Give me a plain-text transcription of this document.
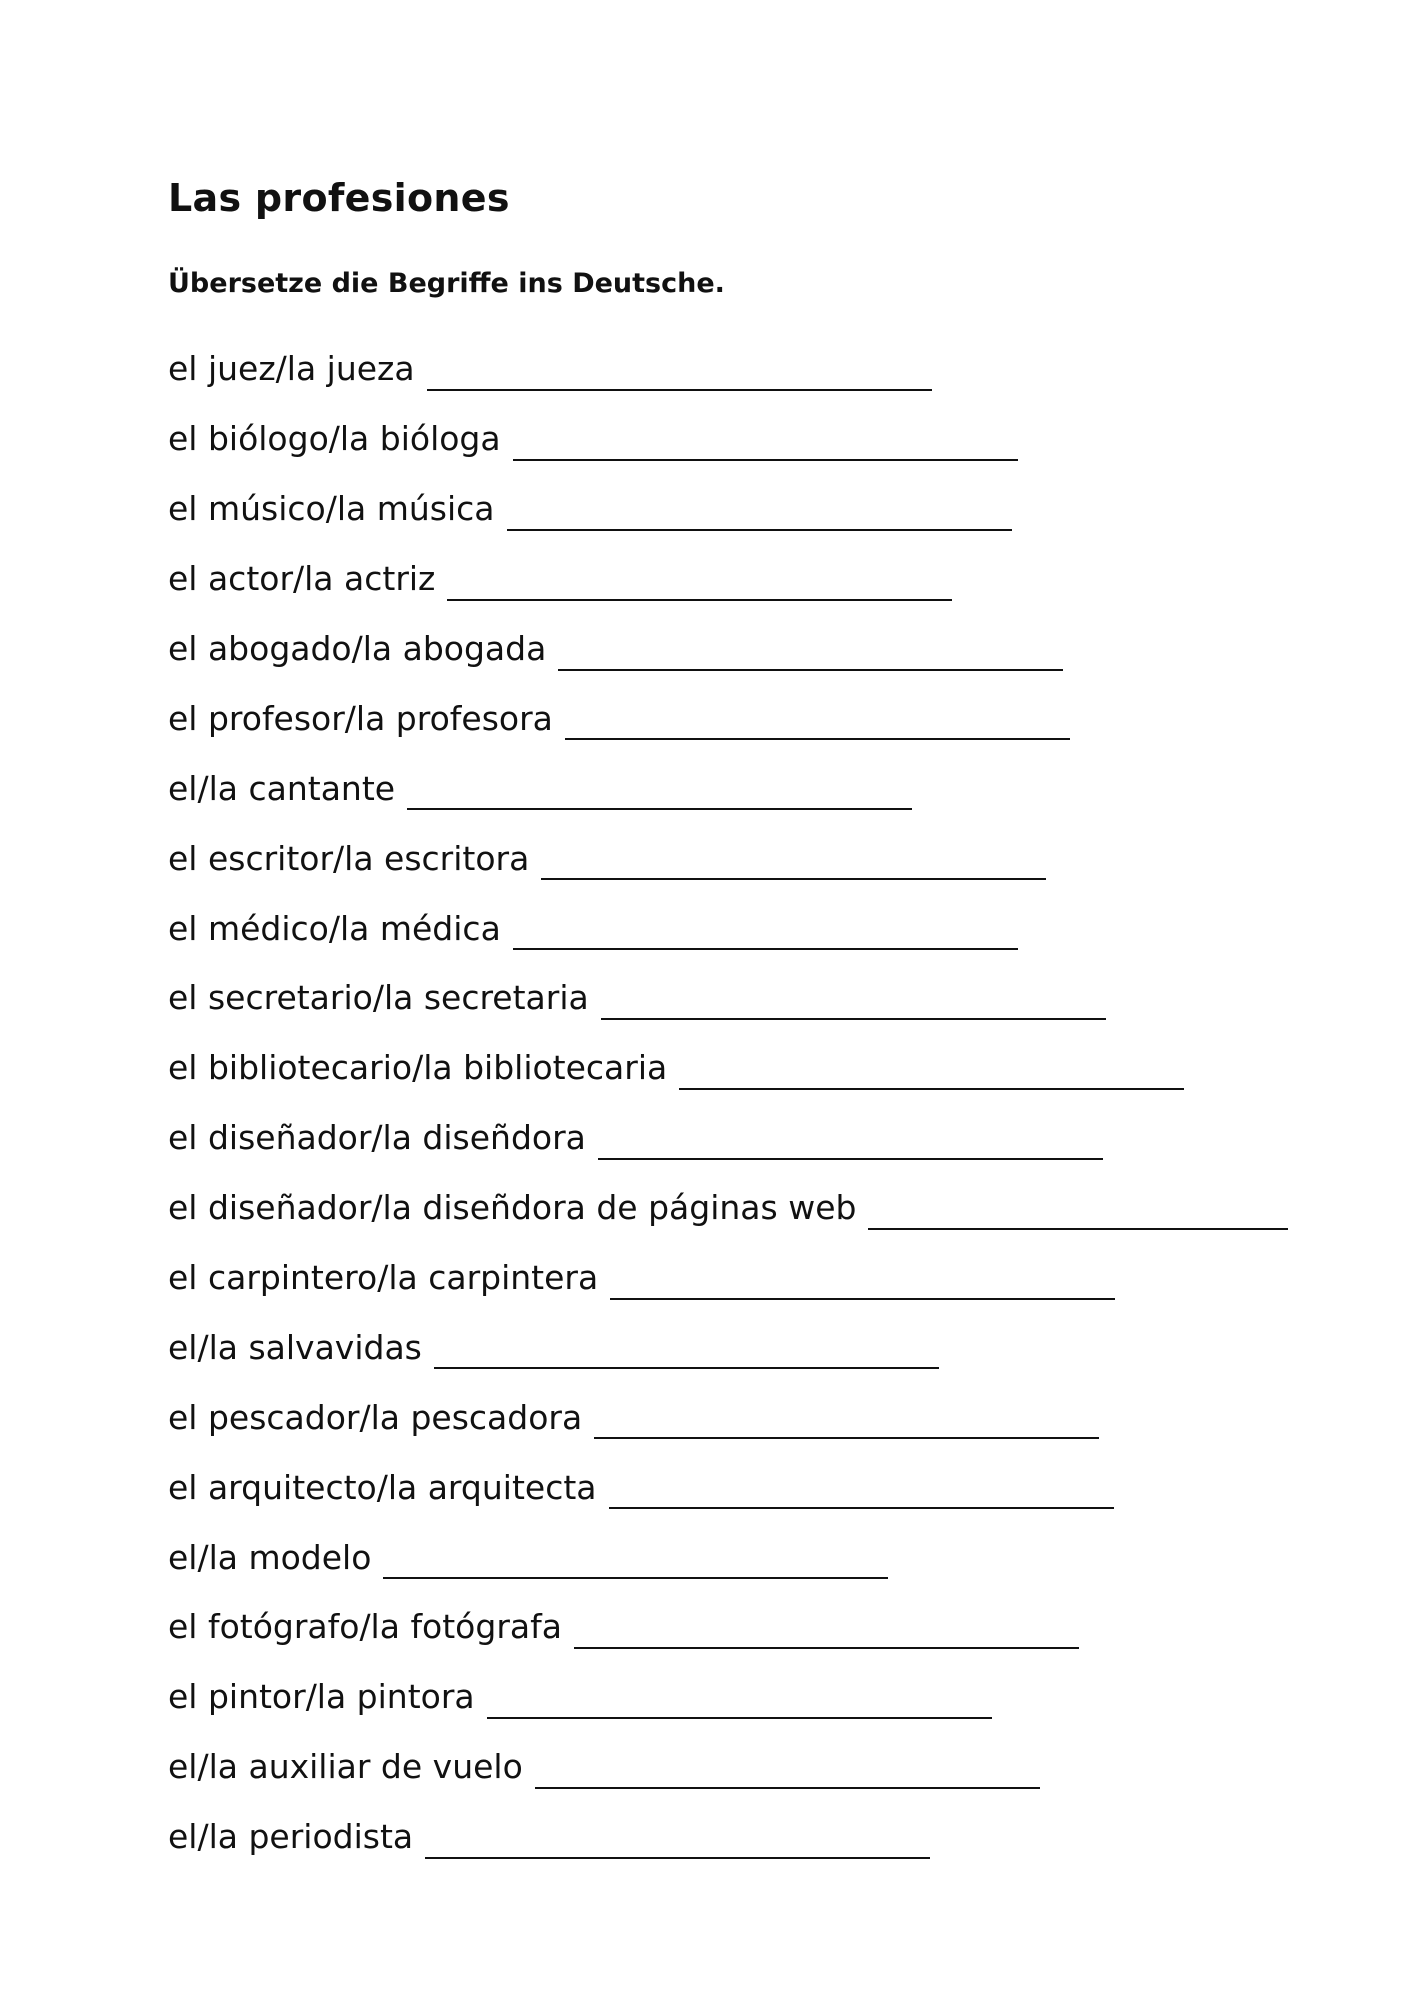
Las profesiones

Übersetze die Begriffe ins Deutsche.

el juez/la jueza
el biólogo/la bióloga
el músico/la música
el actor/la actriz
el abogado/la abogada
el profesor/la profesora
el/la cantante
el escritor/la escritora
el médico/la médica
el secretario/la secretaria
el bibliotecario/la bibliotecaria
el diseñador/la diseñdora
el diseñador/la diseñdora de páginas web
el carpintero/la carpintera
el/la salvavidas
el pescador/la pescadora
el arquitecto/la arquitecta
el/la modelo
el fotógrafo/la fotógrafa
el pintor/la pintora
el/la auxiliar de vuelo
el/la periodista
